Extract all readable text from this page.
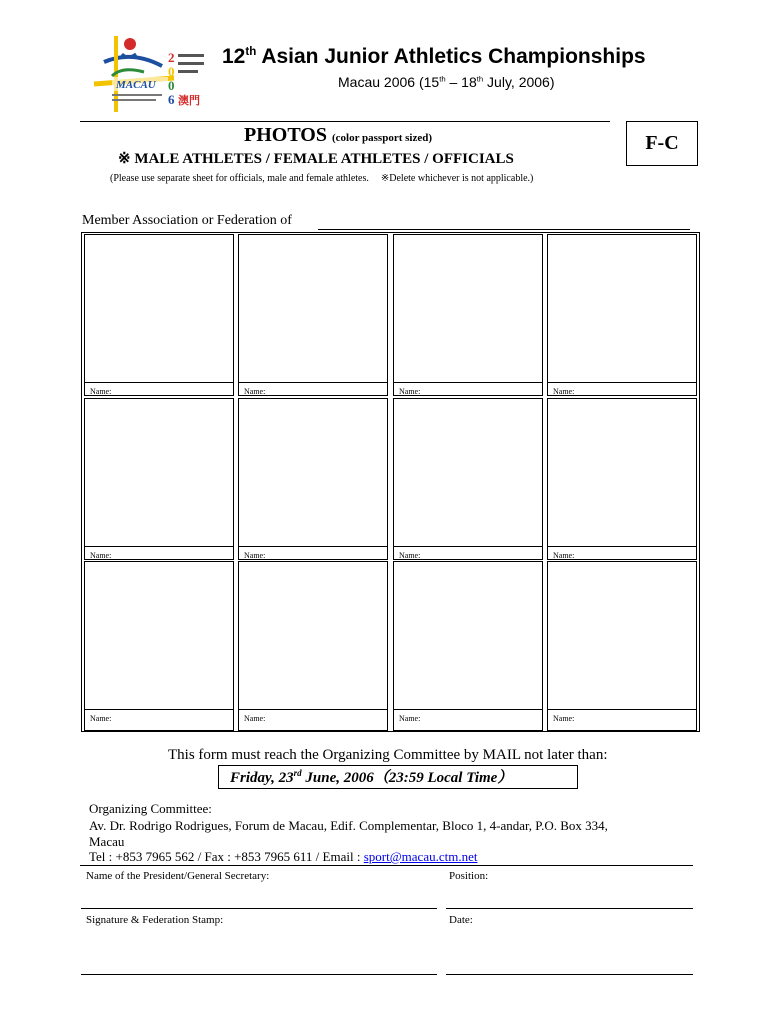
MACAU
2
0
0
6 澳門
12th Asian Junior Athletics Championships
Macau 2006 (15th – 18th July, 2006)
PHOTOS (color passport sized)
※ MALE ATHLETES / FEMALE ATHLETES / OFFICIALS
(Please use separate sheet for officials, male and female athletes. ※Delete whichever is not applicable.)
F-C
Member Association or Federation of
Name:	Name:	Name:	Name:
Name:	Name:	Name:	Name:
Name:	Name:	Name:	Name:
This form must reach the Organizing Committee by MAIL not later than:
Friday, 23rd June, 2006（23:59 Local Time）
Organizing Committee:
Av. Dr. Rodrigo Rodrigues, Forum de Macau, Edif. Complementar, Bloco 1, 4-andar, P.O. Box 334,
Macau
Tel : +853 7965 562 / Fax : +853 7965 611 / Email : sport@macau.ctm.net
Name of the President/General Secretary:	Position:
Signature & Federation Stamp:	Date:
